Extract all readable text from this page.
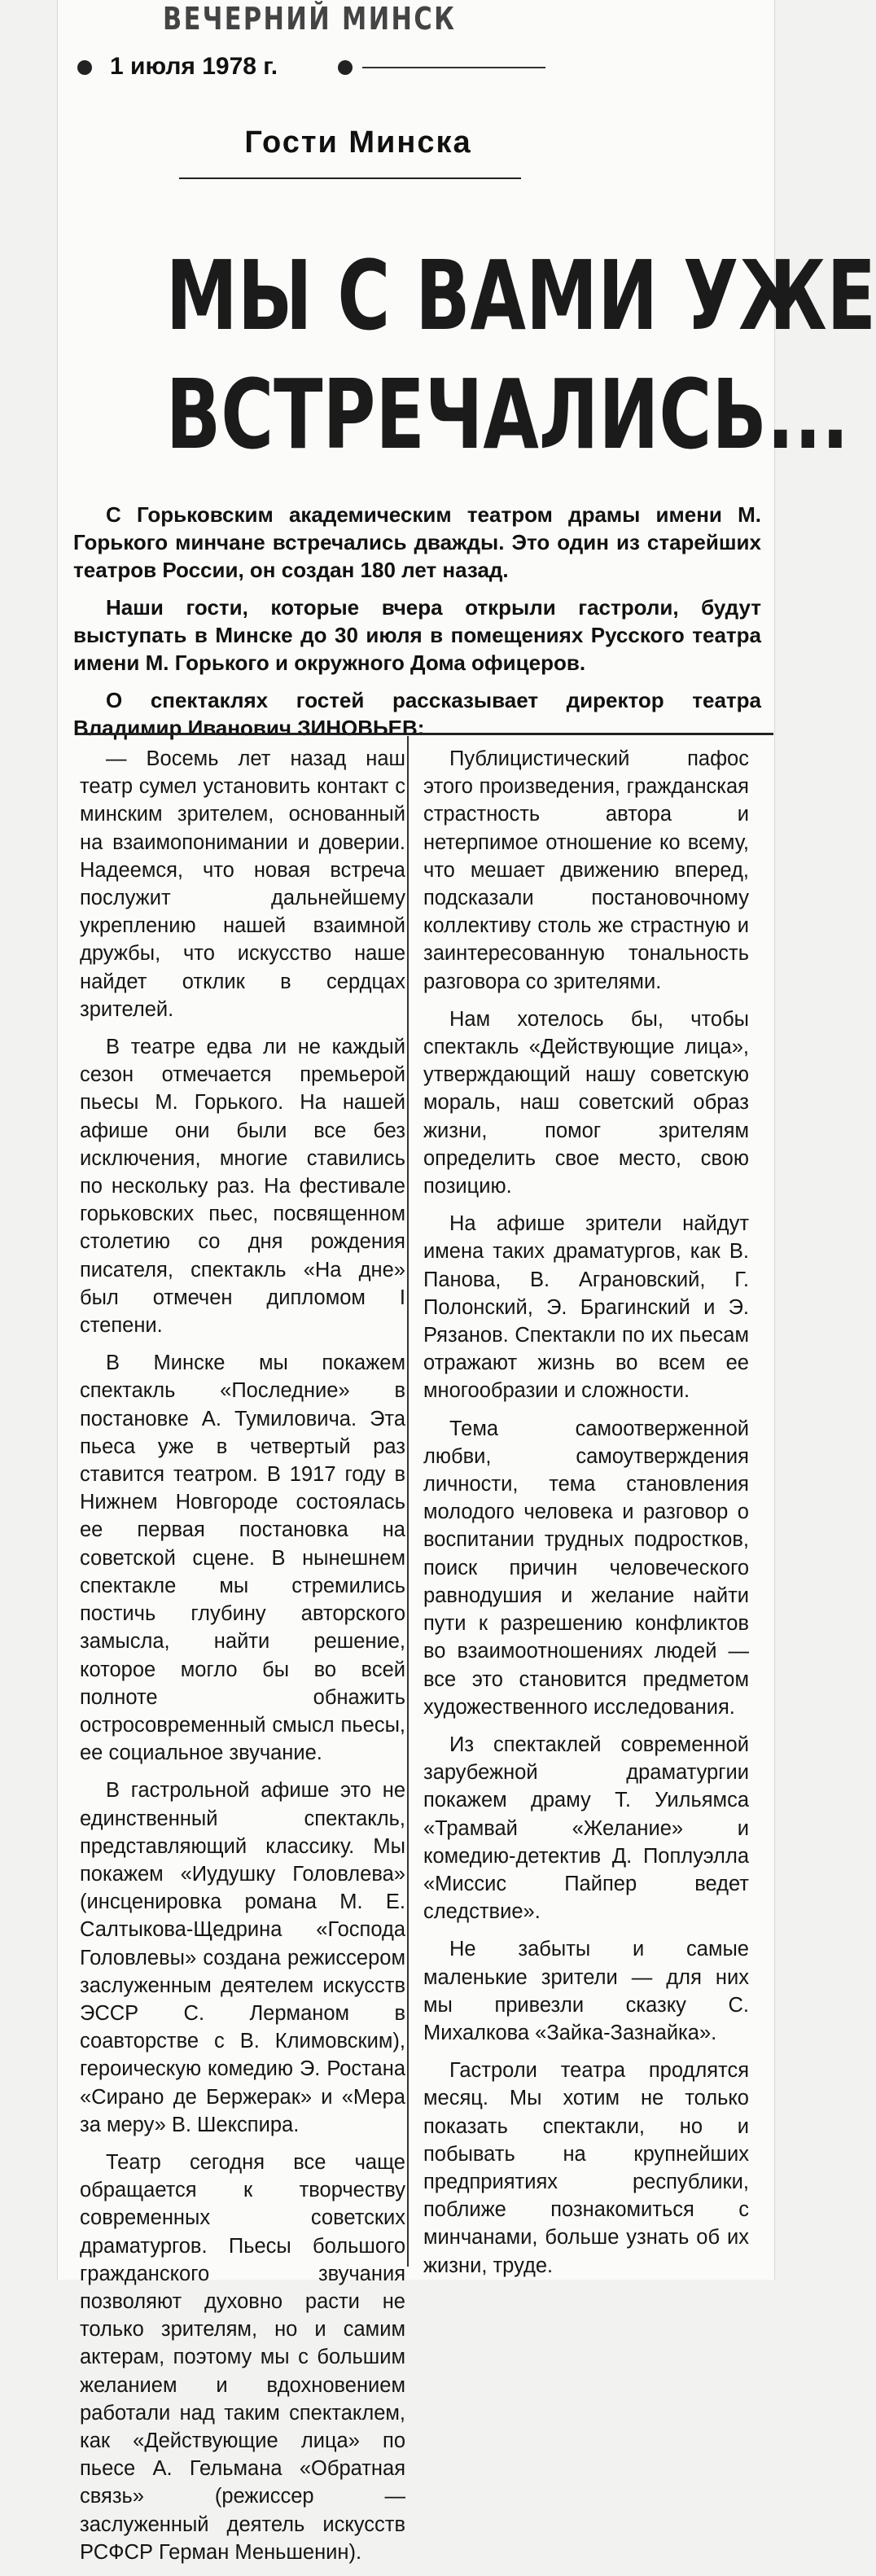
ВЕЧЕРНИЙ МИНСК
1 июля 1978 г.
Гости Минска
МЫ С ВАМИ УЖЕ
ВСТРЕЧАЛИСЬ...

С Горьковским академическим театром драмы имени М. Горького минчане встречались дважды. Это один из старейших театров России, он создан 180 лет назад.

Наши гости, которые вчера открыли гастроли, будут выступать в Минске до 30 июля в помещениях Русского театра имени М. Горького и окружного Дома офицеров.

О спектаклях гостей рассказывает директор театра Владимир Иванович ЗИНОВЬЕВ:

— Восемь лет назад наш театр сумел установить контакт с минским зрителем, основанный на взаимопонимании и доверии. Надеемся, что новая встреча послужит дальнейшему укреплению нашей взаимной дружбы, что искусство наше найдет отклик в сердцах зрителей.

В театре едва ли не каждый сезон отмечается премьерой пьесы М. Горького. На нашей афише они были все без исключения, многие ставились по нескольку раз. На фестивале горьковских пьес, посвященном столетию со дня рождения писателя, спектакль «На дне» был отмечен дипломом I степени.

В Минске мы покажем спектакль «Последние» в постановке А. Тумиловича. Эта пьеса уже в четвертый раз ставится театром. В 1917 году в Нижнем Новгороде состоялась ее первая постановка на советской сцене. В нынешнем спектакле мы стремились постичь глубину авторского замысла, найти решение, которое могло бы во всей полноте обнажить остросовременный смысл пьесы, ее социальное звучание.

В гастрольной афише это не единственный спектакль, представляющий классику. Мы покажем «Иудушку Головлева» (инсценировка романа М. Е. Салтыкова-Щедрина «Господа Головлевы» создана режиссером заслуженным деятелем искусств ЭССР С. Лерманом в соавторстве с В. Климовским), героическую комедию Э. Ростана «Сирано де Бержерак» и «Мера за меру» В. Шекспира.

Театр сегодня все чаще обращается к творчеству современных советских драматургов. Пьесы большого гражданского звучания позволяют духовно расти не только зрителям, но и самим актерам, поэтому мы с большим желанием и вдохновением работали над таким спектаклем, как «Действующие лица» по пьесе А. Гельмана «Обратная связь» (режиссер — заслуженный деятель искусств РСФСР Герман Меньшенин).

Публицистический пафос этого произведения, гражданская страстность автора и нетерпимое отношение ко всему, что мешает движению вперед, подсказали постановочному коллективу столь же страстную и заинтересованную тональность разговора со зрителями.

Нам хотелось бы, чтобы спектакль «Действующие лица», утверждающий нашу советскую мораль, наш советский образ жизни, помог зрителям определить свое место, свою позицию.

На афише зрители найдут имена таких драматургов, как В. Панова, В. Аграновский, Г. Полонский, Э. Брагинский и Э. Рязанов. Спектакли по их пьесам отражают жизнь во всем ее многообразии и сложности.

Тема самоотверженной любви, самоутверждения личности, тема становления молодого человека и разговор о воспитании трудных подростков, поиск причин человеческого равнодушия и желание найти пути к разрешению конфликтов во взаимоотношениях людей — все это становится предметом художественного исследования.

Из спектаклей современной зарубежной драматургии покажем драму Т. Уильямса «Трамвай «Желание» и комедию-детектив Д. Поплуэлла «Миссис Пайпер ведет следствие».

Не забыты и самые маленькие зрители — для них мы привезли сказку С. Михалкова «Зайка-Зазнайка».

Гастроли театра продлятся месяц. Мы хотим не только показать спектакли, но и побывать на крупнейших предприятиях республики, поближе познакомиться с минчанами, больше узнать об их жизни, труде.
